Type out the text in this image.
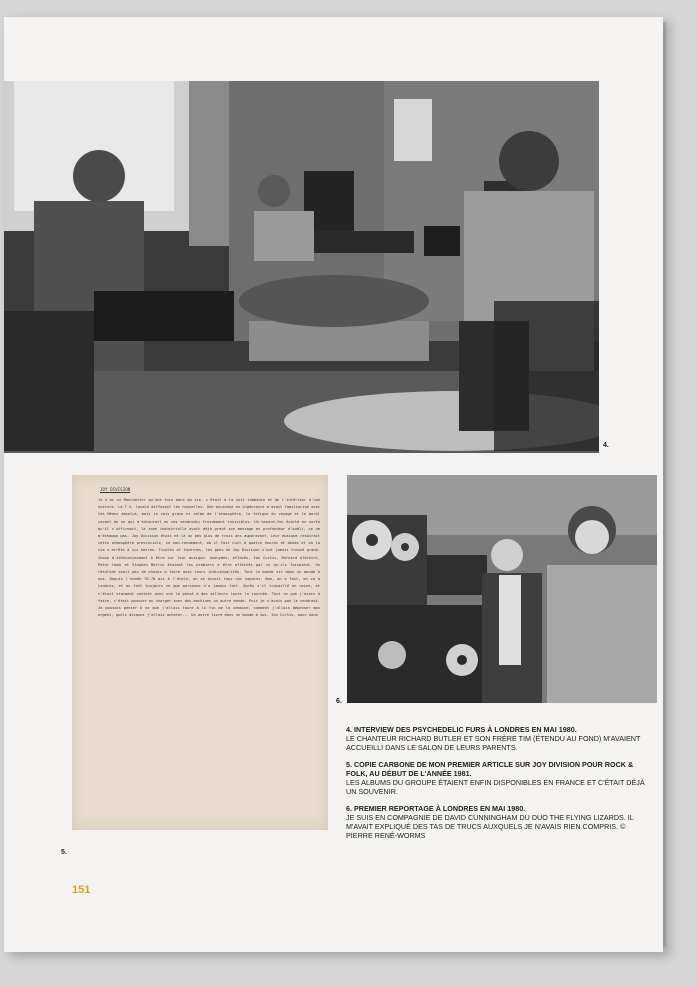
4.
JOY DIVISION
Je n'ai vu Manchester qu'une fois dans ma vie, c'était à la nuit tombante et de l'intérieur d'une voiture. La T.V. locale diffusait les nouvelles. Une ancienne ex ingénieure m'avait familiarisé avec les Néons absolus, mais je vois grave et calme de l'atmosphère, la fatigue du voyage et le moral vacant de ce qui m'entourait en ces vendredis froidement invisibles. Un hasard-feu écarté en sorte qu'il s'affirmait, la zone industrielle avait déjà gravé son message en profondeur d'oubli, ce ne m'échappa pas. Joy Division était né là un peu plus de trois ans auparavant. Leur musique respirait cette atmosphère provinciale, ce non-rendement, où il fait nuit à quatre heures et demie et où la vie s'arrête à six heures. Ticales et tavernes, les gens de Joy Division n'ont jamais trouvé grand-chose d'enthousiasmant à être sur leur musique. Anonymes, effacés, Ian Curtis, Bernard Albrecht, Peter Hook et Stephen Morris étaient les premiers à être affectés par ce qu'ils faisaient. Un résultat avait peu de choses à faire avec leurs individualités. Tout le monde vit dans un monde à soi. Depuis l'année 76-78 mis à l'école, on se disait tous nos copains. Bon, on a fait, on va à Londres, et on fait toujours ce que personne n'a jamais fait. Après s'il travaillé en usine, et c'était vraiment content avec une la pensé à des ailleurs toute la journée. Tout ce que j'avais à faire, c'était pousser ou charger avec des machines un autre monde. Puis je n'avais pas le vendredi. Je pouvais penser à ce que j'allais faire à la fin de la semaine, comment j'allais dépenser mon argent, quels disques j'allais acheter... Un autre livre dans un monde à soi. Ian Curtis, pour nous
5.
6.
4. INTERVIEW DES PSYCHEDELIC FURS À LONDRES EN MAI 1980.
LE CHANTEUR RICHARD BUTLER ET SON FRÈRE TIM (ÉTENDU AU FOND) M'AVAIENT ACCUEILLI DANS LE SALON DE LEURS PARENTS.
5. COPIE CARBONE DE MON PREMIER ARTICLE SUR JOY DIVISION POUR ROCK & FOLK, AU DÉBUT DE L'ANNÉE 1981.
LES ALBUMS DU GROUPE ÉTAIENT ENFIN DISPONIBLES EN FRANCE ET C'ÉTAIT DÉJÀ UN SOUVENIR.
6. PREMIER REPORTAGE À LONDRES EN MAI 1980.
JE SUIS EN COMPAGNIE DE DAVID CUNNINGHAM DU DUO THE FLYING LIZARDS. IL M'AVAIT EXPLIQUÉ DES TAS DE TRUCS AUXQUELS JE N'AVAIS RIEN COMPRIS. © PIERRE RENÉ-WORMS
151
